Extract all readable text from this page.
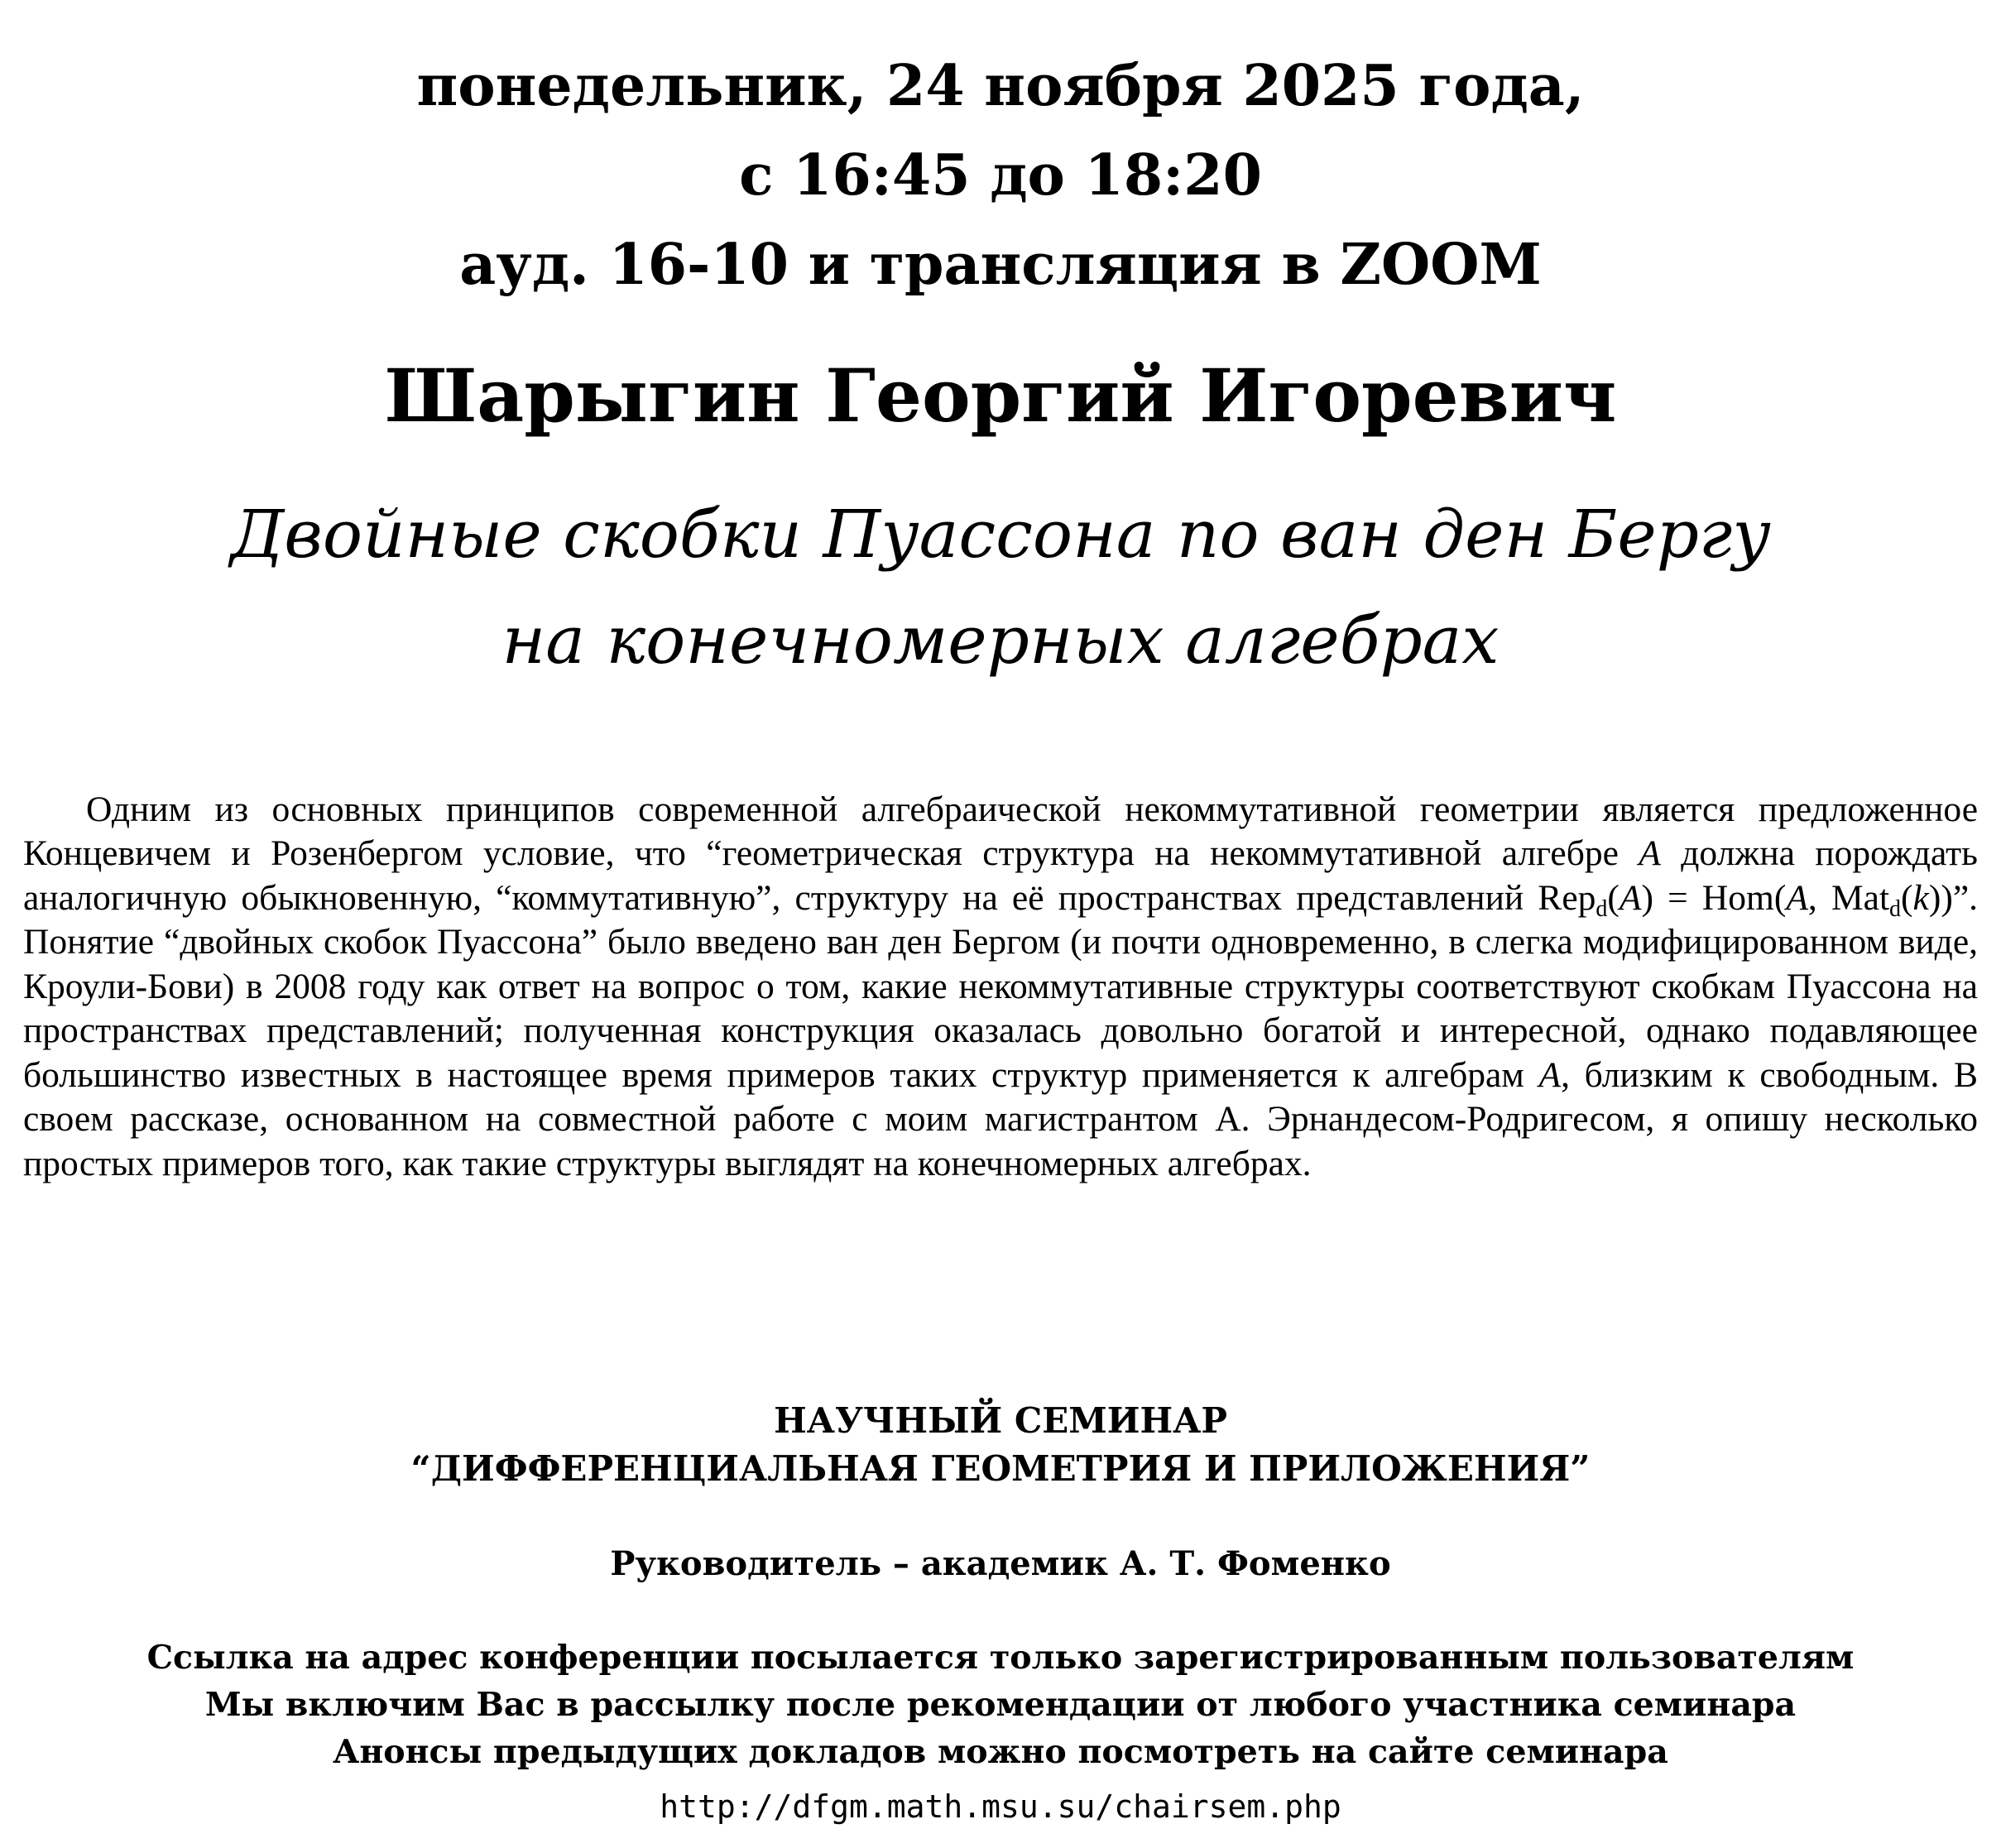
понедельник, 24 ноября 2025 года,
с 16:45 до 18:20
ауд. 16-10 и трансляция в ZOOM
Шарыгин Георгий Игоревич
Двойные скобки Пуассона по ван ден Бергу
на конечномерных алгебрах

Одним из основных принципов современной алгебраической некоммутативной геометрии является предложенное Концевичем и Розенбергом условие, что “геометрическая структура на некоммутативной алгебре A должна порождать аналогичную обыкновенную, “коммутативную”, структуру на её пространствах представлений Rep$_d$(A) = Hom(A, Mat$_d$(k))”. Понятие “двойных скобок Пуассона” было введено ван ден Бергом (и почти одновременно, в слегка модифицированном виде, Кроули-Бови) в 2008 году как ответ на вопрос о том, какие некоммутативные структуры соответствуют скобкам Пуассона на пространствах представлений; полученная конструкция оказалась довольно богатой и интересной, однако подавляющее большинство известных в настоящее время примеров таких структур применяется к алгебрам A, близким к свободным. В своем рассказе, основанном на совместной работе с моим магистрантом А. Эрнандесом-Родригесом, я опишу несколько простых примеров того, как такие структуры выглядят на конечномерных алгебрах.

НАУЧНЫЙ СЕМИНАР
“ДИФФЕРЕНЦИАЛЬНАЯ ГЕОМЕТРИЯ И ПРИЛОЖЕНИЯ”
Руководитель – академик А. Т. Фоменко
Ссылка на адрес конференции посылается только зарегистрированным пользователям
Мы включим Вас в рассылку после рекомендации от любого участника семинара
Анонсы предыдущих докладов можно посмотреть на сайте семинара
http://dfgm.math.msu.su/chairsem.php
